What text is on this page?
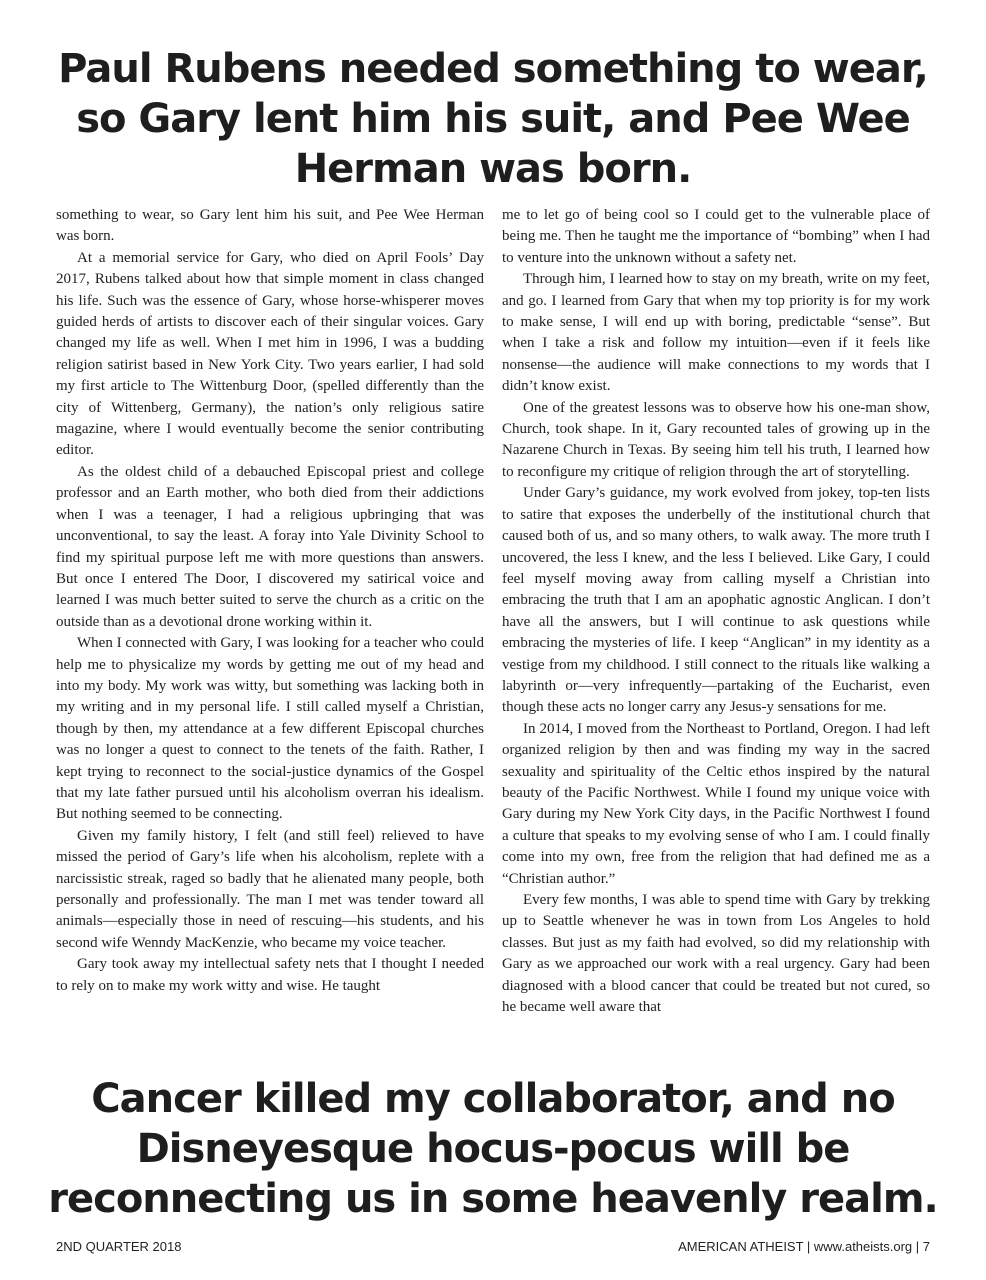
Paul Rubens needed something to wear, so Gary lent him his suit, and Pee Wee Herman was born.

something to wear, so Gary lent him his suit, and Pee Wee Herman was born.

At a memorial service for Gary, who died on April Fools’ Day 2017, Rubens talked about how that simple moment in class changed his life. Such was the essence of Gary, whose horse-whisperer moves guided herds of artists to discover each of their singular voices. Gary changed my life as well. When I met him in 1996, I was a budding religion satirist based in New York City. Two years earlier, I had sold my first article to The Wittenburg Door, (spelled differently than the city of Wittenberg, Germany), the nation’s only religious satire magazine, where I would eventually become the senior contributing editor.

As the oldest child of a debauched Episcopal priest and college professor and an Earth mother, who both died from their addictions when I was a teenager, I had a religious upbringing that was unconventional, to say the least. A foray into Yale Divinity School to find my spiritual purpose left me with more questions than answers. But once I entered The Door, I discovered my satirical voice and learned I was much better suited to serve the church as a critic on the outside than as a devotional drone working within it.

When I connected with Gary, I was looking for a teacher who could help me to physicalize my words by getting me out of my head and into my body. My work was witty, but something was lacking both in my writing and in my personal life. I still called myself a Christian, though by then, my attendance at a few different Episcopal churches was no longer a quest to connect to the tenets of the faith. Rather, I kept trying to reconnect to the social-justice dynamics of the Gospel that my late father pursued until his alcoholism overran his idealism. But nothing seemed to be connecting.

Given my family history, I felt (and still feel) relieved to have missed the period of Gary’s life when his alcoholism, replete with a narcissistic streak, raged so badly that he alienated many people, both personally and professionally. The man I met was tender toward all animals—especially those in need of rescuing—his students, and his second wife Wenndy MacKenzie, who became my voice teacher.

Gary took away my intellectual safety nets that I thought I needed to rely on to make my work witty and wise. He taught

me to let go of being cool so I could get to the vulnerable place of being me. Then he taught me the importance of “bombing” when I had to venture into the unknown without a safety net.

Through him, I learned how to stay on my breath, write on my feet, and go. I learned from Gary that when my top priority is for my work to make sense, I will end up with boring, predictable “sense”. But when I take a risk and follow my intuition—even if it feels like nonsense—the audience will make connections to my words that I didn’t know exist.

One of the greatest lessons was to observe how his one-man show, Church, took shape. In it, Gary recounted tales of growing up in the Nazarene Church in Texas. By seeing him tell his truth, I learned how to reconfigure my critique of religion through the art of storytelling.

Under Gary’s guidance, my work evolved from jokey, top-ten lists to satire that exposes the underbelly of the institutional church that caused both of us, and so many others, to walk away. The more truth I uncovered, the less I knew, and the less I believed. Like Gary, I could feel myself moving away from calling myself a Christian into embracing the truth that I am an apophatic agnostic Anglican. I don’t have all the answers, but I will continue to ask questions while embracing the mysteries of life. I keep “Anglican” in my identity as a vestige from my childhood. I still connect to the rituals like walking a labyrinth or—very infrequently—partaking of the Eucharist, even though these acts no longer carry any Jesus-y sensations for me.

In 2014, I moved from the Northeast to Portland, Oregon. I had left organized religion by then and was finding my way in the sacred sexuality and spirituality of the Celtic ethos inspired by the natural beauty of the Pacific Northwest. While I found my unique voice with Gary during my New York City days, in the Pacific Northwest I found a culture that speaks to my evolving sense of who I am. I could finally come into my own, free from the religion that had defined me as a “Christian author.”

Every few months, I was able to spend time with Gary by trekking up to Seattle whenever he was in town from Los Angeles to hold classes. But just as my faith had evolved, so did my relationship with Gary as we approached our work with a real urgency. Gary had been diagnosed with a blood cancer that could be treated but not cured, so he became well aware that

Cancer killed my collaborator, and no Disneyesque hocus-pocus will be reconnecting us in some heavenly realm.
2ND QUARTER 2018	AMERICAN ATHEIST | www.atheists.org | 7
